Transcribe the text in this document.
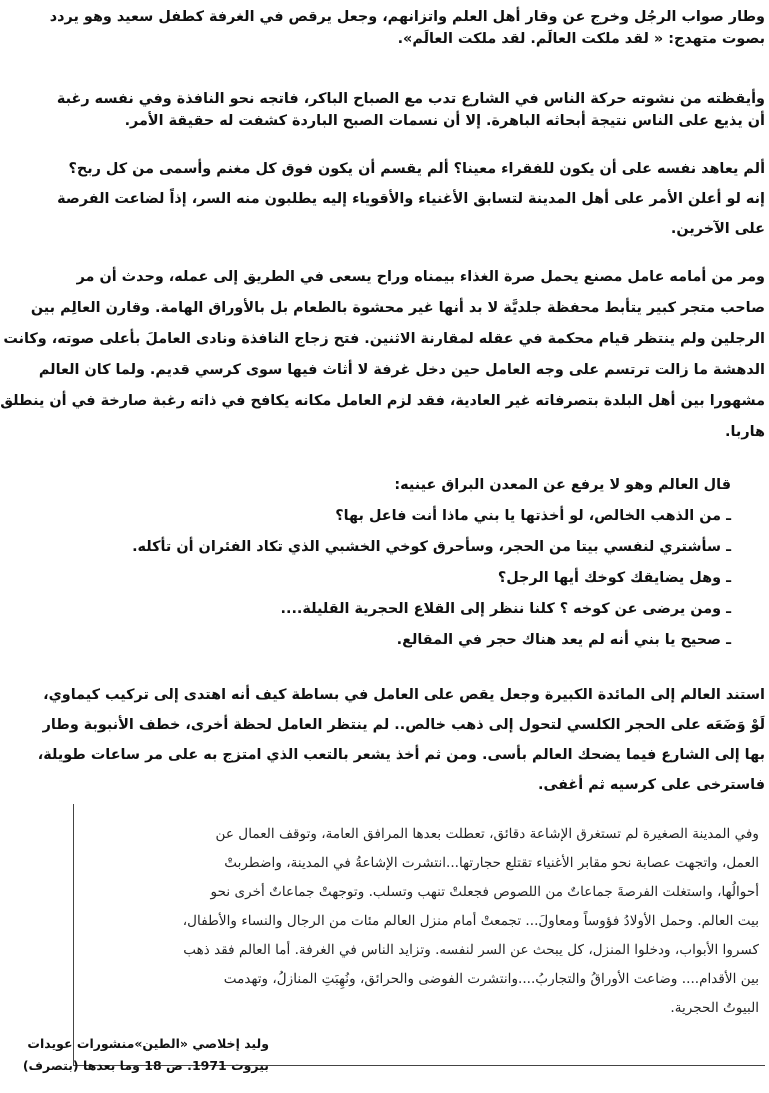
وطار صواب الرجُل وخرج عن وقار أهل العلم واتزانهم، وجعل يرقص في الغرفة كطفل سعيد وهو يردد
بصوت متهدج: « لقد ملكت العالَم. لقد ملكت العالَم».
وأيقظته من نشوته حركة الناس في الشارع تدب مع الصباح الباكر، فاتجه نحو النافذة وفي نفسه رغبة
أن يذيع على الناس نتيجة أبحاثه الباهرة. إلا أن نسمات الصبح الباردة كشفت له حقيقة الأمر.
ألم يعاهد نفسه على أن يكون للفقراء معينا؟ ألم يقسم أن يكون فوق كل مغنم وأسمى من كل ربح؟
إنه لو أعلن الأمر على أهل المدينة لتسابق الأغنياء والأقوياء إليه يطلبون منه السر، إذاً لضاعت الفرصة
على الآخرين.
ومر من أمامه عامل مصنع يحمل صرة الغذاء بيمناه وراح يسعى في الطريق إلى عمله، وحدث أن مر
صاحب متجر كبير يتأبط محفظة جلديَّة لا بد أنها غير محشوة بالطعام بل بالأوراق الهامة. وقارن العالِم بين
الرجلين ولم ينتظر قيام محكمة في عقله لمقارنة الاثنين. فتح زجاج النافذة ونادى العاملَ بأعلى صوته، وكانت
الدهشة ما زالت ترتسم على وجه العامل حين دخل غرفة لا أثاث فيها سوى كرسي قديم. ولما كان العالم
مشهورا بين أهل البلدة بتصرفاته غير العادية، فقد لزم العامل مكانه يكافح في ذاته رغبة صارخة في أن ينطلق
هاربا.
قال العالم وهو لا يرفع عن المعدن البراق عينيه:
ـ من الذهب الخالص، لو أخذتها يا بني ماذا أنت فاعل بها؟
ـ سأشتري لنفسي بيتا من الحجر، وسأحرق كوخي الخشبي الذي تكاد الفئران أن تأكله.
ـ وهل يضايقك كوخك أيها الرجل؟
ـ ومن يرضى عن كوخه ؟ كلنا ننظر إلى القلاع الحجرية القليلة....
ـ صحيح يا بني أنه لم يعد هناك حجر في المقالع.
استند العالم إلى المائدة الكبيرة وجعل يقص على العامل في بساطة كيف أنه اهتدى إلى تركيب كيماوي،
لَوْ وَضَعَه على الحجر الكلسي لتحول إلى ذهب خالص.. لم ينتظر العامل لحظة أخرى، خطف الأنبوبة وطار
بها إلى الشارع فيما يضحك العالم بأسى. ومن ثم أخذ يشعر بالتعب الذي امتزج به على مر ساعات طويلة،
فاسترخى على كرسيه ثم أغفى.
وفي المدينة الصغيرة لم تستغرق الإشاعة دقائق، تعطلت بعدها المرافق العامة، وتوقف العمال عن
العمل، واتجهت عصابة نحو مقابر الأغنياء تقتلع حجارتها...انتشرت الإشاعةُ في المدينة، واضطربتْ
أحوالُها، واستغلت الفرصةَ جماعاتٌ من اللصوص فجعلتْ تنهب وتسلب. وتوجهتْ جماعاتٌ أخرى نحو
بيت العالم. وحمل الأولادُ فؤوساً ومعاولَ... تجمعتْ أمام منزل العالم مئات من الرجال والنساء والأطفال،
كسروا الأبواب، ودخلوا المنزل، كل يبحث عن السر لنفسه. وتزايد الناس في الغرفة. أما العالم فقد ذهب
بين الأقدام.... وضاعت الأوراقُ والتجاربُ....وانتشرت الفوضى والحرائق، ونُهِبَتِ المنازلُ، وتهدمت
البيوتُ الحجرية.
وليد إخلاصي «الطين»منشورات عويدات
بيروت 1971. ص 18 وما بعدها (بتصرف)
